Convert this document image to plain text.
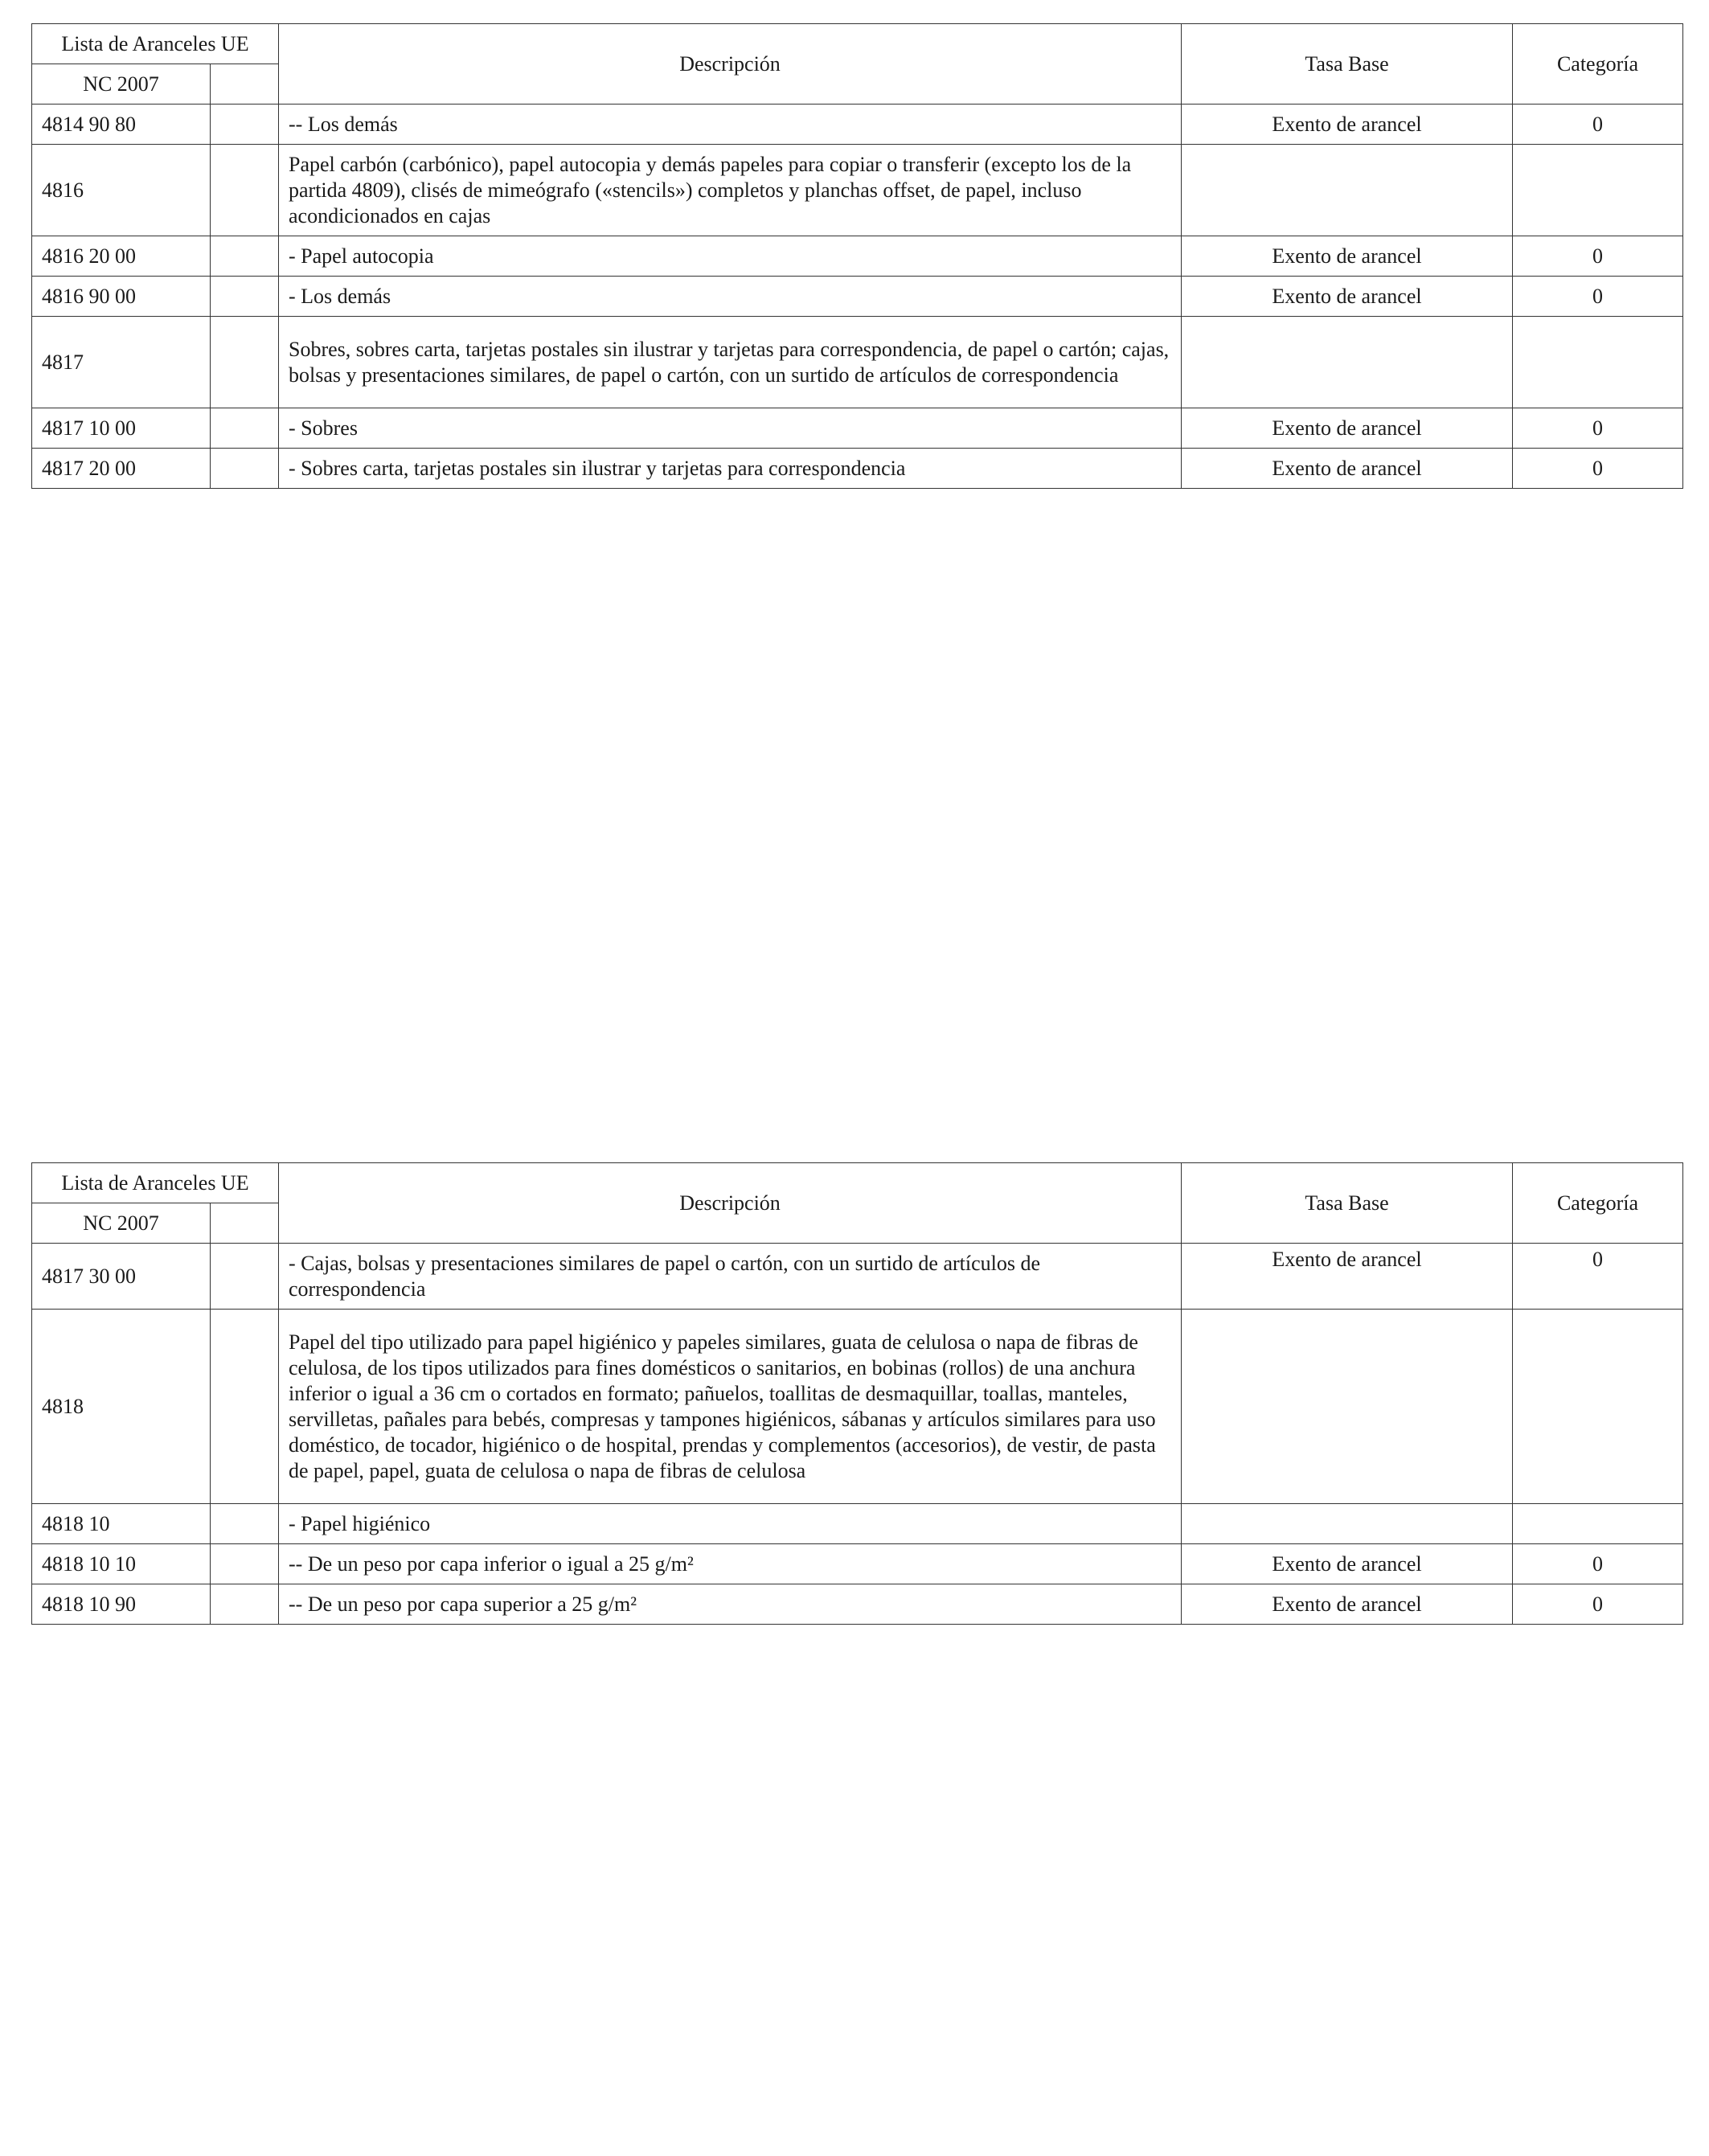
Lista de Aranceles UE		Descripción	Tasa Base	Categoría
NC 2007				
4814 90 80		-- Los demás	Exento de arancel	0
4816		Papel carbón (carbónico), papel autocopia y demás papeles para copiar o transferir (excepto los de la partida 4809), clisés de mimeógrafo («stencils») completos y planchas offset, de papel, incluso acondicionados en cajas		
4816 20 00		- Papel autocopia	Exento de arancel	0
4816 90 00		- Los demás	Exento de arancel	0
4817		Sobres, sobres carta, tarjetas postales sin ilustrar y tarjetas para correspondencia, de papel o cartón; cajas, bolsas y presentaciones similares, de papel o cartón, con un surtido de artículos de correspondencia		
4817 10 00		- Sobres	Exento de arancel	0
4817 20 00		- Sobres carta, tarjetas postales sin ilustrar y tarjetas para correspondencia	Exento de arancel	0
Lista de Aranceles UE		Descripción	Tasa Base	Categoría
NC 2007				
4817 30 00		- Cajas, bolsas y presentaciones similares de papel o cartón, con un surtido de artículos de correspondencia	Exento de arancel	0
4818		Papel del tipo utilizado para papel higiénico y papeles similares, guata de celulosa o napa de fibras de celulosa, de los tipos utilizados para fines domésticos o sanitarios, en bobinas (rollos) de una anchura inferior o igual a 36 cm o cortados en formato; pañuelos, toallitas de desmaquillar, toallas, manteles, servilletas, pañales para bebés, compresas y tampones higiénicos, sábanas y artículos similares para uso doméstico, de tocador, higiénico o de hospital, prendas y complementos (accesorios), de vestir, de pasta de papel, papel, guata de celulosa o napa de fibras de celulosa		
4818 10		- Papel higiénico		
4818 10 10		-- De un peso por capa inferior o igual a 25 g/m²	Exento de arancel	0
4818 10 90		-- De un peso por capa superior a 25 g/m²	Exento de arancel	0
